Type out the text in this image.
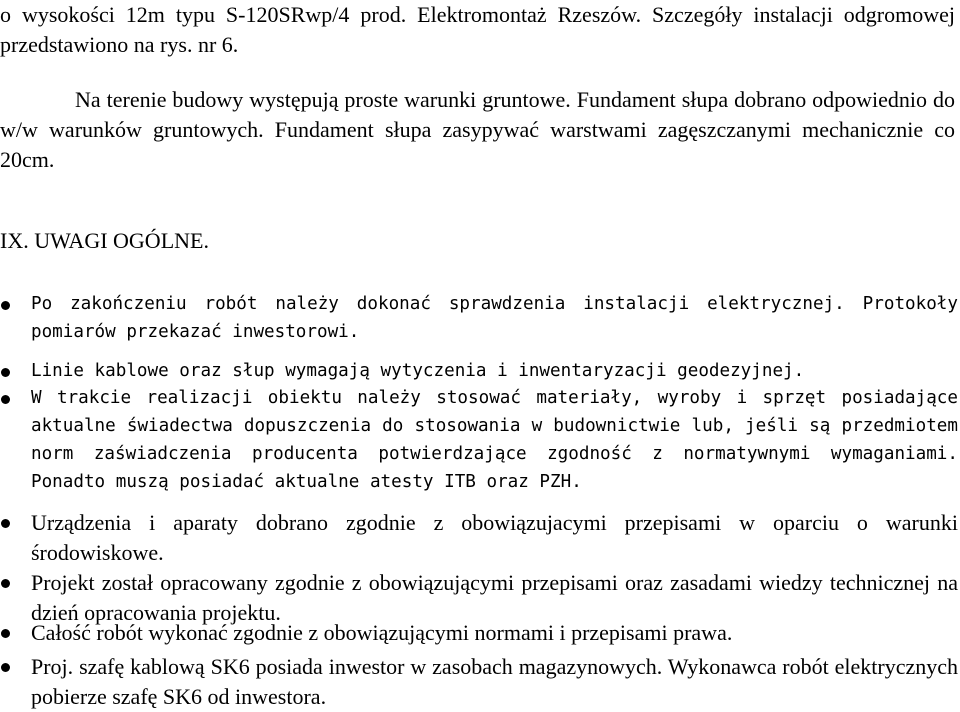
o wysokości 12m typu S-120SRwp/4 prod. Elektromontaż Rzeszów. Szczegóły instalacji odgromowej przedstawiono na rys. nr 6.

Na terenie budowy występują proste warunki gruntowe. Fundament słupa dobrano odpowiednio do w/w warunków gruntowych. Fundament słupa zasypywać warstwami zagęszczanymi mechanicznie co 20cm.

IX. UWAGI OGÓLNE.
Po zakończeniu robót należy dokonać sprawdzenia instalacji elektrycznej. Protokoły pomiarów przekazać inwestorowi.
Linie kablowe oraz słup wymagają wytyczenia i inwentaryzacji geodezyjnej.
W trakcie realizacji obiektu należy stosować materiały, wyroby i sprzęt posiadające aktualne świadectwa dopuszczenia do stosowania w budownictwie lub, jeśli są przedmiotem norm zaświadczenia producenta potwierdzające zgodność z normatywnymi wymaganiami. Ponadto muszą posiadać aktualne atesty ITB oraz PZH.
Urządzenia i aparaty dobrano zgodnie z obowiązujacymi przepisami w oparciu o warunki środowiskowe.
Projekt został opracowany zgodnie z obowiązującymi przepisami oraz zasadami wiedzy technicznej na dzień opracowania projektu.
Całość robót wykonać zgodnie z obowiązującymi normami i przepisami prawa.
Proj. szafę kablową SK6 posiada inwestor w zasobach magazynowych. Wykonawca robót elektrycznych pobierze szafę SK6 od inwestora.
